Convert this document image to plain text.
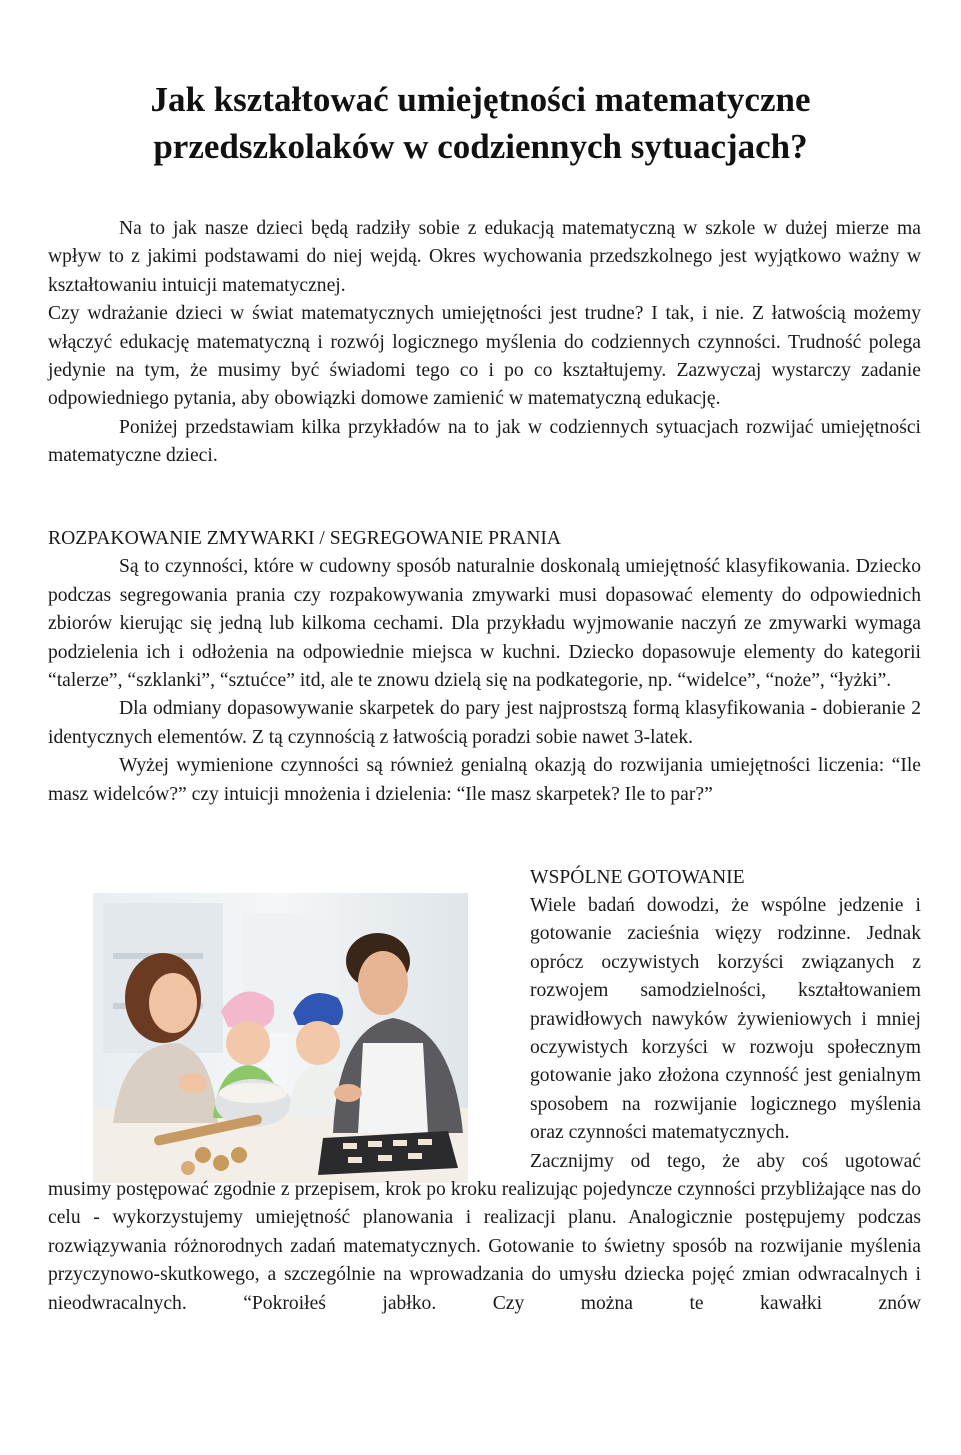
Jak kształtować umiejętności matematyczne
przedszkolaków w codziennych sytuacjach?

Na to jak nasze dzieci będą radziły sobie z edukacją matematyczną w szkole w dużej mierze ma wpływ to z jakimi podstawami do niej wejdą. Okres wychowania przedszkolnego jest wyjątkowo ważny w kształtowaniu intuicji matematycznej.

Czy wdrażanie dzieci w świat matematycznych umiejętności jest trudne? I tak, i nie. Z łatwością możemy włączyć edukację matematyczną i rozwój logicznego myślenia do codziennych czynności. Trudność polega jedynie na tym, że musimy być świadomi tego co i po co kształtujemy. Zazwyczaj wystarczy zadanie odpowiedniego pytania, aby obowiązki domowe zamienić w matematyczną edukację.

Poniżej przedstawiam kilka przykładów na to jak w codziennych sytuacjach rozwijać umiejętności matematyczne dzieci.

ROZPAKOWANIE ZMYWARKI / SEGREGOWANIE PRANIA

Są to czynności, które w cudowny sposób naturalnie doskonalą umiejętność klasyfikowania. Dziecko podczas segregowania prania czy rozpakowywania zmywarki musi dopasować elementy do odpowiednich zbiorów kierując się jedną lub kilkoma cechami. Dla przykładu wyjmowanie naczyń ze zmywarki wymaga podzielenia ich i odłożenia na odpowiednie miejsca w kuchni. Dziecko dopasowuje elementy do kategorii “talerze”, “szklanki”, “sztućce” itd, ale te znowu dzielą się na podkategorie, np. “widelce”, “noże”, “łyżki”.

Dla odmiany dopasowywanie skarpetek do pary jest najprostszą formą klasyfikowania - dobieranie 2 identycznych elementów. Z tą czynnością z łatwością poradzi sobie nawet 3-latek.

Wyżej wymienione czynności są również genialną okazją do rozwijania umiejętności liczenia: “Ile masz widelców?” czy intuicji mnożenia i dzielenia: “Ile masz skarpetek? Ile to par?”

WSPÓLNE GOTOWANIE

Wiele badań dowodzi, że wspólne jedzenie i gotowanie zacieśnia więzy rodzinne. Jednak oprócz oczywistych korzyści związanych z rozwojem samodzielności, kształtowaniem prawidłowych nawyków żywieniowych i mniej oczywistych korzyści w rozwoju społecznym gotowanie jako złożona czynność jest genialnym sposobem na rozwijanie logicznego myślenia oraz czynności matematycznych.

Zacznijmy od tego, że aby coś ugotować

musimy postępować zgodnie z przepisem, krok po kroku realizując pojedyncze czynności przybliżające nas do celu - wykorzystujemy umiejętność planowania i realizacji planu. Analogicznie postępujemy podczas rozwiązywania różnorodnych zadań matematycznych. Gotowanie to świetny sposób na rozwijanie myślenia przyczynowo-skutkowego, a szczególnie na wprowadzania do umysłu dziecka pojęć zmian odwracalnych i nieodwracalnych. “Pokroiłeś jabłko. Czy można te kawałki znów
